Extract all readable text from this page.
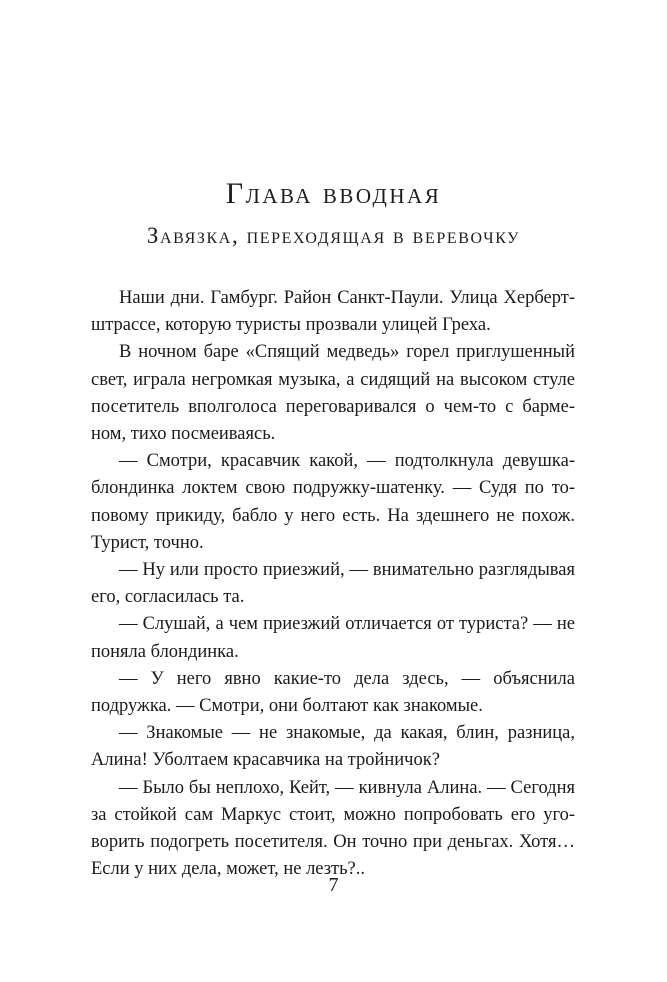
Глава вводная
Завязка, переходящая в веревочку

Наши дни. Гамбург. Район Санкт-Паули. Улица Хербертштрассе, которую туристы прозвали улицей Греха.

В ночном баре «Спящий медведь» горел приглушенный свет, играла негромкая музыка, а сидящий на высоком стуле посетитель вполголоса переговаривался о чем-то с барменом, тихо посмеиваясь.

— Смотри, красавчик какой, — подтолкнула девушка-блондинка локтем свою подружку-шатенку. — Судя по топовому прикиду, бабло у него есть. На здешнего не похож. Турист, точно.

— Ну или просто приезжий, — внимательно разглядывая его, согласилась та.

— Слушай, а чем приезжий отличается от туриста? — не поняла блондинка.

— У него явно какие-то дела здесь, — объяснила подружка. — Смотри, они болтают как знакомые.

— Знакомые — не знакомые, да какая, блин, разница, Алина! Уболтаем красавчика на тройничок?

— Было бы неплохо, Кейт, — кивнула Алина. — Сегодня за стойкой сам Маркус стоит, можно попробовать его уговорить подогреть посетителя. Он точно при деньгах. Хотя… Если у них дела, может, не лезть?..

7
